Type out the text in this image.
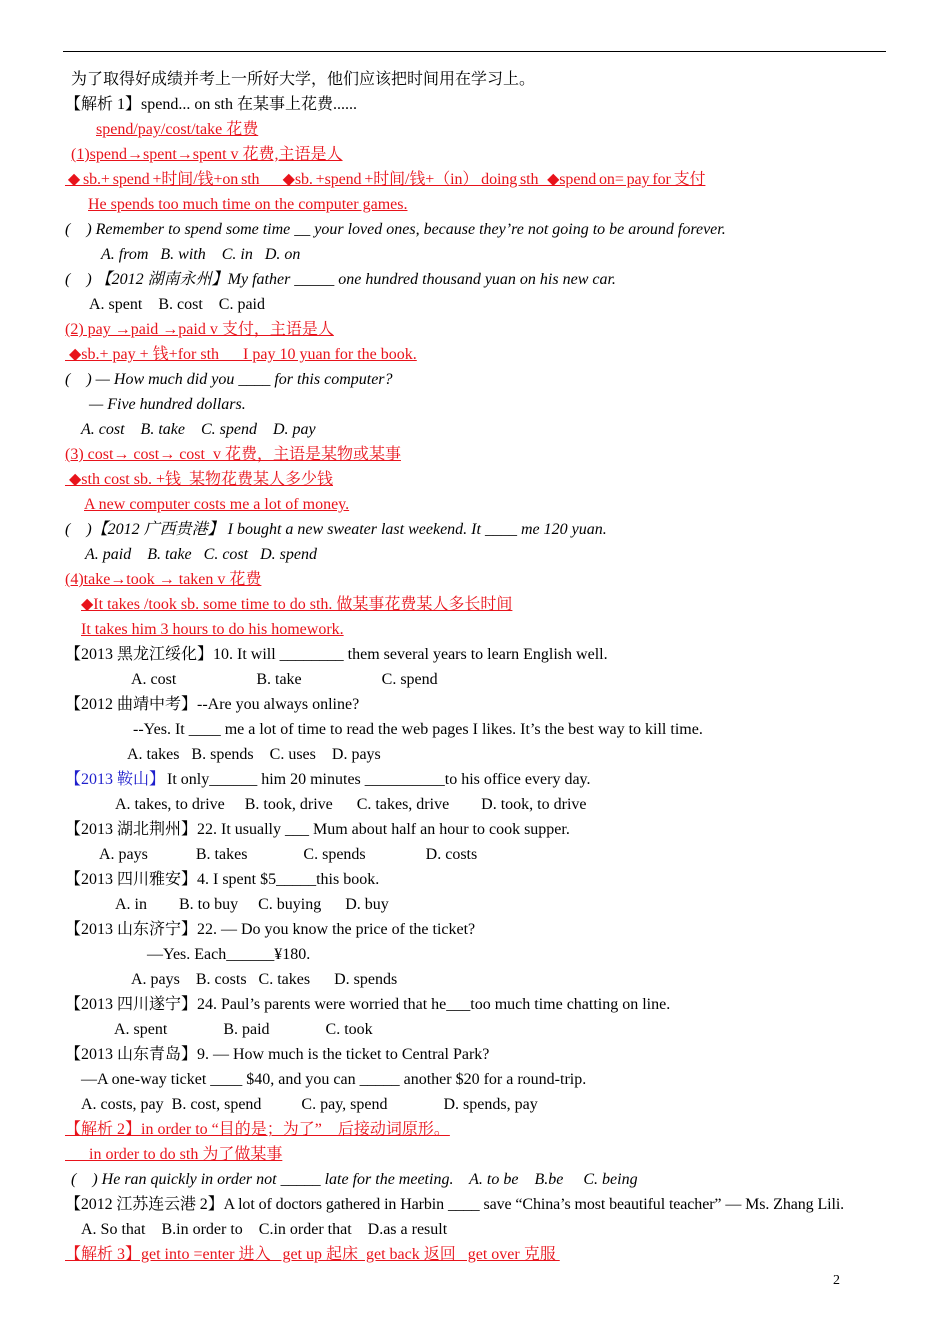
为了取得好成绩并考上一所好大学，他们应该把时间用在学习上。
【解析 1】spend... on sth 在某事上花费......
spend/pay/cost/take 花费
(1)spend→spent→spent v 花费,主语是人
◆ sb.+ spend +时间/钱+on sth        ◆sb. +spend +时间/钱+（in） doing sth   ◆spend on= pay for 支付
He spends too much time on the computer games.
(    ) Remember to spend some time __ your loved ones, because they’re not going to be around forever.
A. from   B. with    C. in   D. on
(    ) 【2012 湖南永州】My father _____ one hundred thousand yuan on his new car.
A. spent    B. cost    C. paid
(2) pay →paid →paid v 支付，主语是人
◆sb.+ pay + 钱+for sth      I pay 10 yuan for the book.
(    ) — How much did you ____ for this computer?
— Five hundred dollars.
A. cost    B. take    C. spend    D. pay
(3) cost→ cost→ cost  v 花费，主语是某物或某事
◆sth cost sb. +钱  某物花费某人多少钱
A new computer costs me a lot of money.
(    )【2012 广西贵港】 I bought a new sweater last weekend. It ____ me 120 yuan.
A. paid    B. take   C. cost   D. spend
(4)take→took → taken v 花费
◆It takes /took sb. some time to do sth. 做某事花费某人多长时间
It takes him 3 hours to do his homework.
【2013 黑龙江绥化】10. It will ________ them several years to learn English well.
A. cost                    B. take                    C. spend
【2012 曲靖中考】--Are you always online?
--Yes. It ____ me a lot of time to read the web pages I likes. It’s the best way to kill time.
A. takes   B. spends    C. uses    D. pays
【2013 鞍山】 It only______ him 20 minutes __________to his office every day.
A. takes, to drive     B. took, drive      C. takes, drive        D. took, to drive
【2013 湖北荆州】22. It usually ___ Mum about half an hour to cook supper.
A. pays            B. takes              C. spends               D. costs
【2013 四川雅安】4. I spent $5_____this book.
A. in        B. to buy     C. buying      D. buy
【2013 山东济宁】22. — Do you know the price of the ticket?
—Yes. Each______¥180.
A. pays    B. costs   C. takes      D. spends
【2013 四川遂宁】24. Paul’s parents were worried that he___too much time chatting on line.
A. spent              B. paid              C. took
【2013 山东青岛】9. — How much is the ticket to Central Park?
—A one-way ticket ____ $40, and you can _____ another $20 for a round-trip.
A. costs, pay  B. cost, spend          C. pay, spend              D. spends, pay
【解析 2】in order to “目的是；为了”    后接动词原形。
in order to do sth 为了做某事
(    ) He ran quickly in order not _____ late for the meeting.    A. to be    B.be     C. being
【2012 江苏连云港 2】A lot of doctors gathered in Harbin ____ save “China’s most beautiful teacher” — Ms. Zhang Lili.
A. So that    B.in order to    C.in order that    D.as a result
【解析 3】get into =enter 进入   get up 起床  get back 返回   get over 克服
2
